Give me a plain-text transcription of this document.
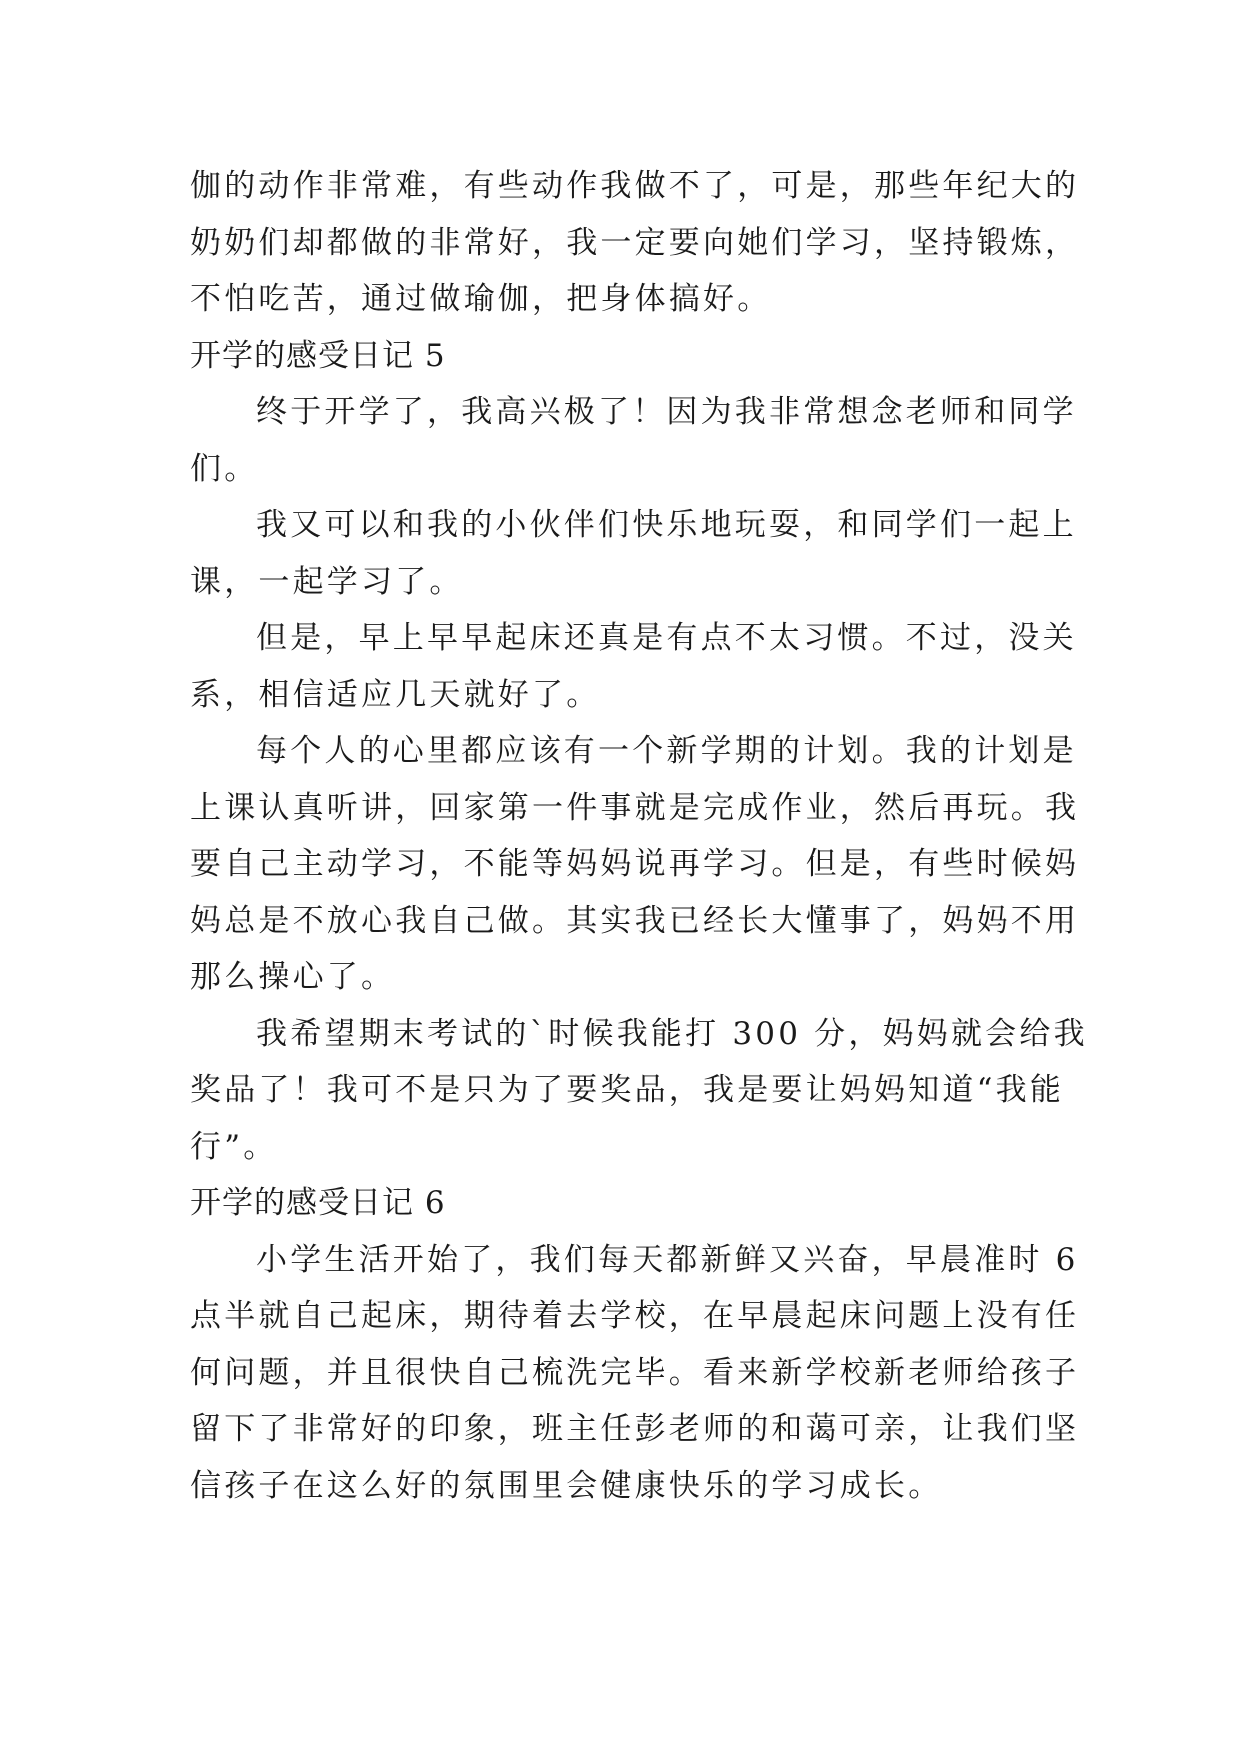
伽的动作非常难，有些动作我做不了，可是，那些年纪大的
奶奶们却都做的非常好，我一定要向她们学习，坚持锻炼，
不怕吃苦，通过做瑜伽，把身体搞好。
开学的感受日记 5
终于开学了，我高兴极了！因为我非常想念老师和同学
们。
我又可以和我的小伙伴们快乐地玩耍，和同学们一起上
课，一起学习了。
但是，早上早早起床还真是有点不太习惯。不过，没关
系，相信适应几天就好了。
每个人的心里都应该有一个新学期的计划。我的计划是
上课认真听讲，回家第一件事就是完成作业，然后再玩。我
要自己主动学习，不能等妈妈说再学习。但是，有些时候妈
妈总是不放心我自己做。其实我已经长大懂事了，妈妈不用
那么操心了。
我希望期末考试的`时候我能打 300 分，妈妈就会给我
奖品了！我可不是只为了要奖品，我是要让妈妈知道“我能
行”。
开学的感受日记 6
小学生活开始了，我们每天都新鲜又兴奋，早晨准时 6
点半就自己起床，期待着去学校，在早晨起床问题上没有任
何问题，并且很快自己梳洗完毕。看来新学校新老师给孩子
留下了非常好的印象，班主任彭老师的和蔼可亲，让我们坚
信孩子在这么好的氛围里会健康快乐的学习成长。
